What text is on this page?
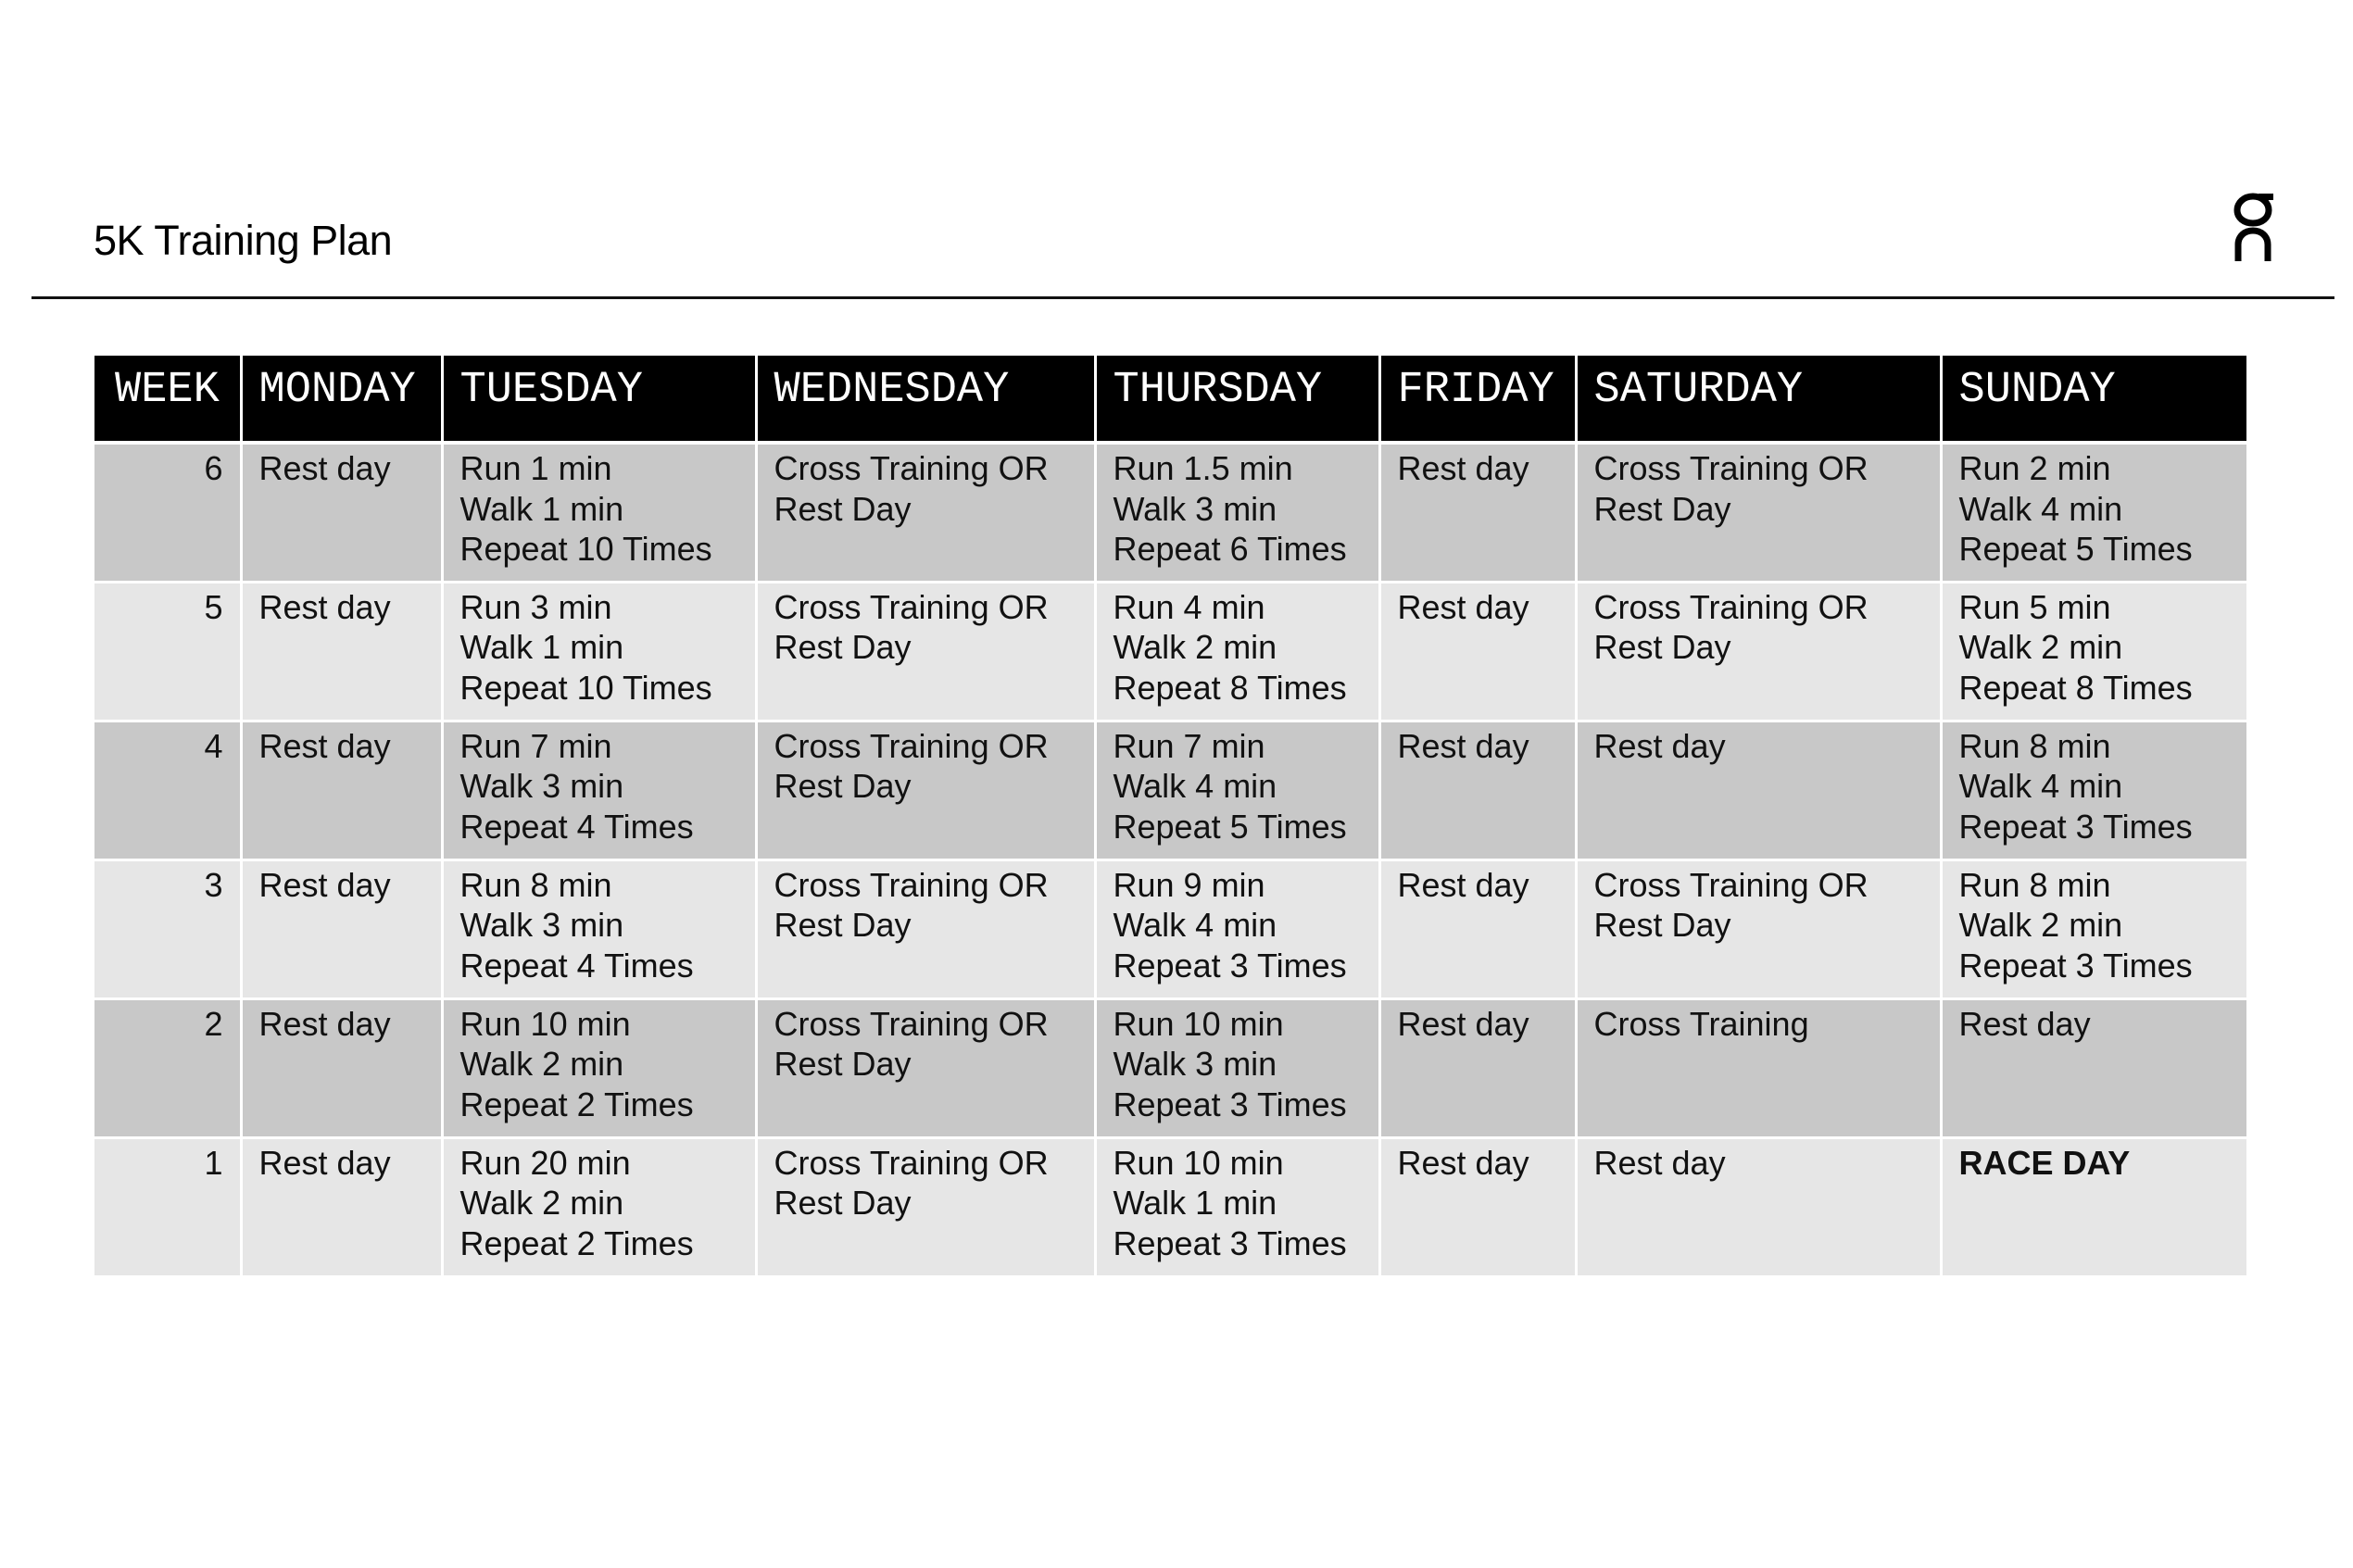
5K Training Plan
WEEK	MONDAY	TUESDAY	WEDNESDAY	THURSDAY	FRIDAY	SATURDAY	SUNDAY
6	Rest day	Run 1 min
Walk 1 min
Repeat 10 Times	Cross Training OR
Rest Day	Run 1.5 min
Walk 3 min
Repeat 6 Times	Rest day	Cross Training OR
Rest Day	Run 2 min
Walk 4 min
Repeat 5 Times

5	Rest day	Run 3 min
Walk 1 min
Repeat 10 Times	Cross Training OR
Rest Day	Run 4 min
Walk 2 min
Repeat 8 Times	Rest day	Cross Training OR
Rest Day	Run 5 min
Walk 2 min
Repeat 8 Times

4	Rest day	Run 7 min
Walk 3 min
Repeat 4 Times	Cross Training OR
Rest Day	Run 7 min
Walk 4 min
Repeat 5 Times	Rest day	Rest day	Run 8 min
Walk 4 min
Repeat 3 Times

3	Rest day	Run 8 min
Walk 3 min
Repeat 4 Times	Cross Training OR
Rest Day	Run 9 min
Walk 4 min
Repeat 3 Times	Rest day	Cross Training OR
Rest Day	Run 8 min
Walk 2 min
Repeat 3 Times

2	Rest day	Run 10 min
Walk 2 min
Repeat 2 Times	Cross Training OR
Rest Day	Run 10 min
Walk 3 min
Repeat 3 Times	Rest day	Cross Training	Rest day

1	Rest day	Run 20 min
Walk 2 min
Repeat 2 Times	Cross Training OR
Rest Day	Run 10 min
Walk 1 min
Repeat 3 Times	Rest day	Rest day	RACE DAY
